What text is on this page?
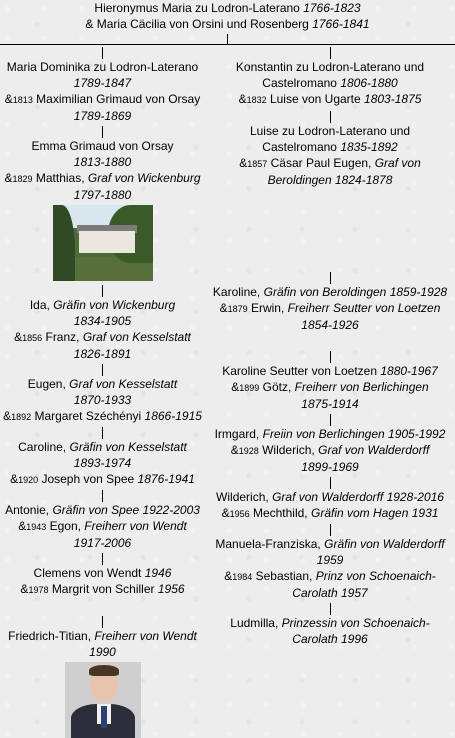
Hieronymus Maria zu Lodron-Laterano 1766-1823
& Maria Cäcilia von Orsini und Rosenberg 1766-1841
Maria Dominika zu Lodron-Laterano
1789-1847
&1813 Maximilian Grimaud von Orsay
1789-1869
Emma Grimaud von Orsay
1813-1880
&1829 Matthias, Graf von Wickenburg
1797-1880
Ida, Gräfin von Wickenburg
1834-1905
&1856 Franz, Graf von Kesselstatt
1826-1891
Eugen, Graf von Kesselstatt
1870-1933
&1892 Margaret Széchényi 1866-1915
Caroline, Gräfin von Kesselstatt
1893-1974
&1920 Joseph von Spee 1876-1941
Antonie, Gräfin von Spee 1922-2003
&1943 Egon, Freiherr von Wendt
1917-2006
Clemens von Wendt 1946
&1978 Margrit von Schiller 1956
Friedrich-Titian, Freiherr von Wendt
1990
Konstantin zu Lodron-Laterano und
Castelromano 1806-1880
&1832 Luise von Ugarte 1803-1875
Luise zu Lodron-Laterano und
Castelromano 1835-1892
&1857 Cäsar Paul Eugen, Graf von
Beroldingen 1824-1878
Karoline, Gräfin von Beroldingen 1859-1928
&1879 Erwin, Freiherr Seutter von Loetzen
1854-1926
Karoline Seutter von Loetzen 1880-1967
&1899 Götz, Freiherr von Berlichingen
1875-1914
Irmgard, Freiin von Berlichingen 1905-1992
&1928 Wilderich, Graf von Walderdorff
1899-1969
Wilderich, Graf von Walderdorff 1928-2016
&1956 Mechthild, Gräfin vom Hagen 1931
Manuela-Franziska, Gräfin von Walderdorff
1959
&1984 Sebastian, Prinz von Schoenaich-
Carolath 1957
Ludmilla, Prinzessin von Schoenaich-
Carolath 1996
